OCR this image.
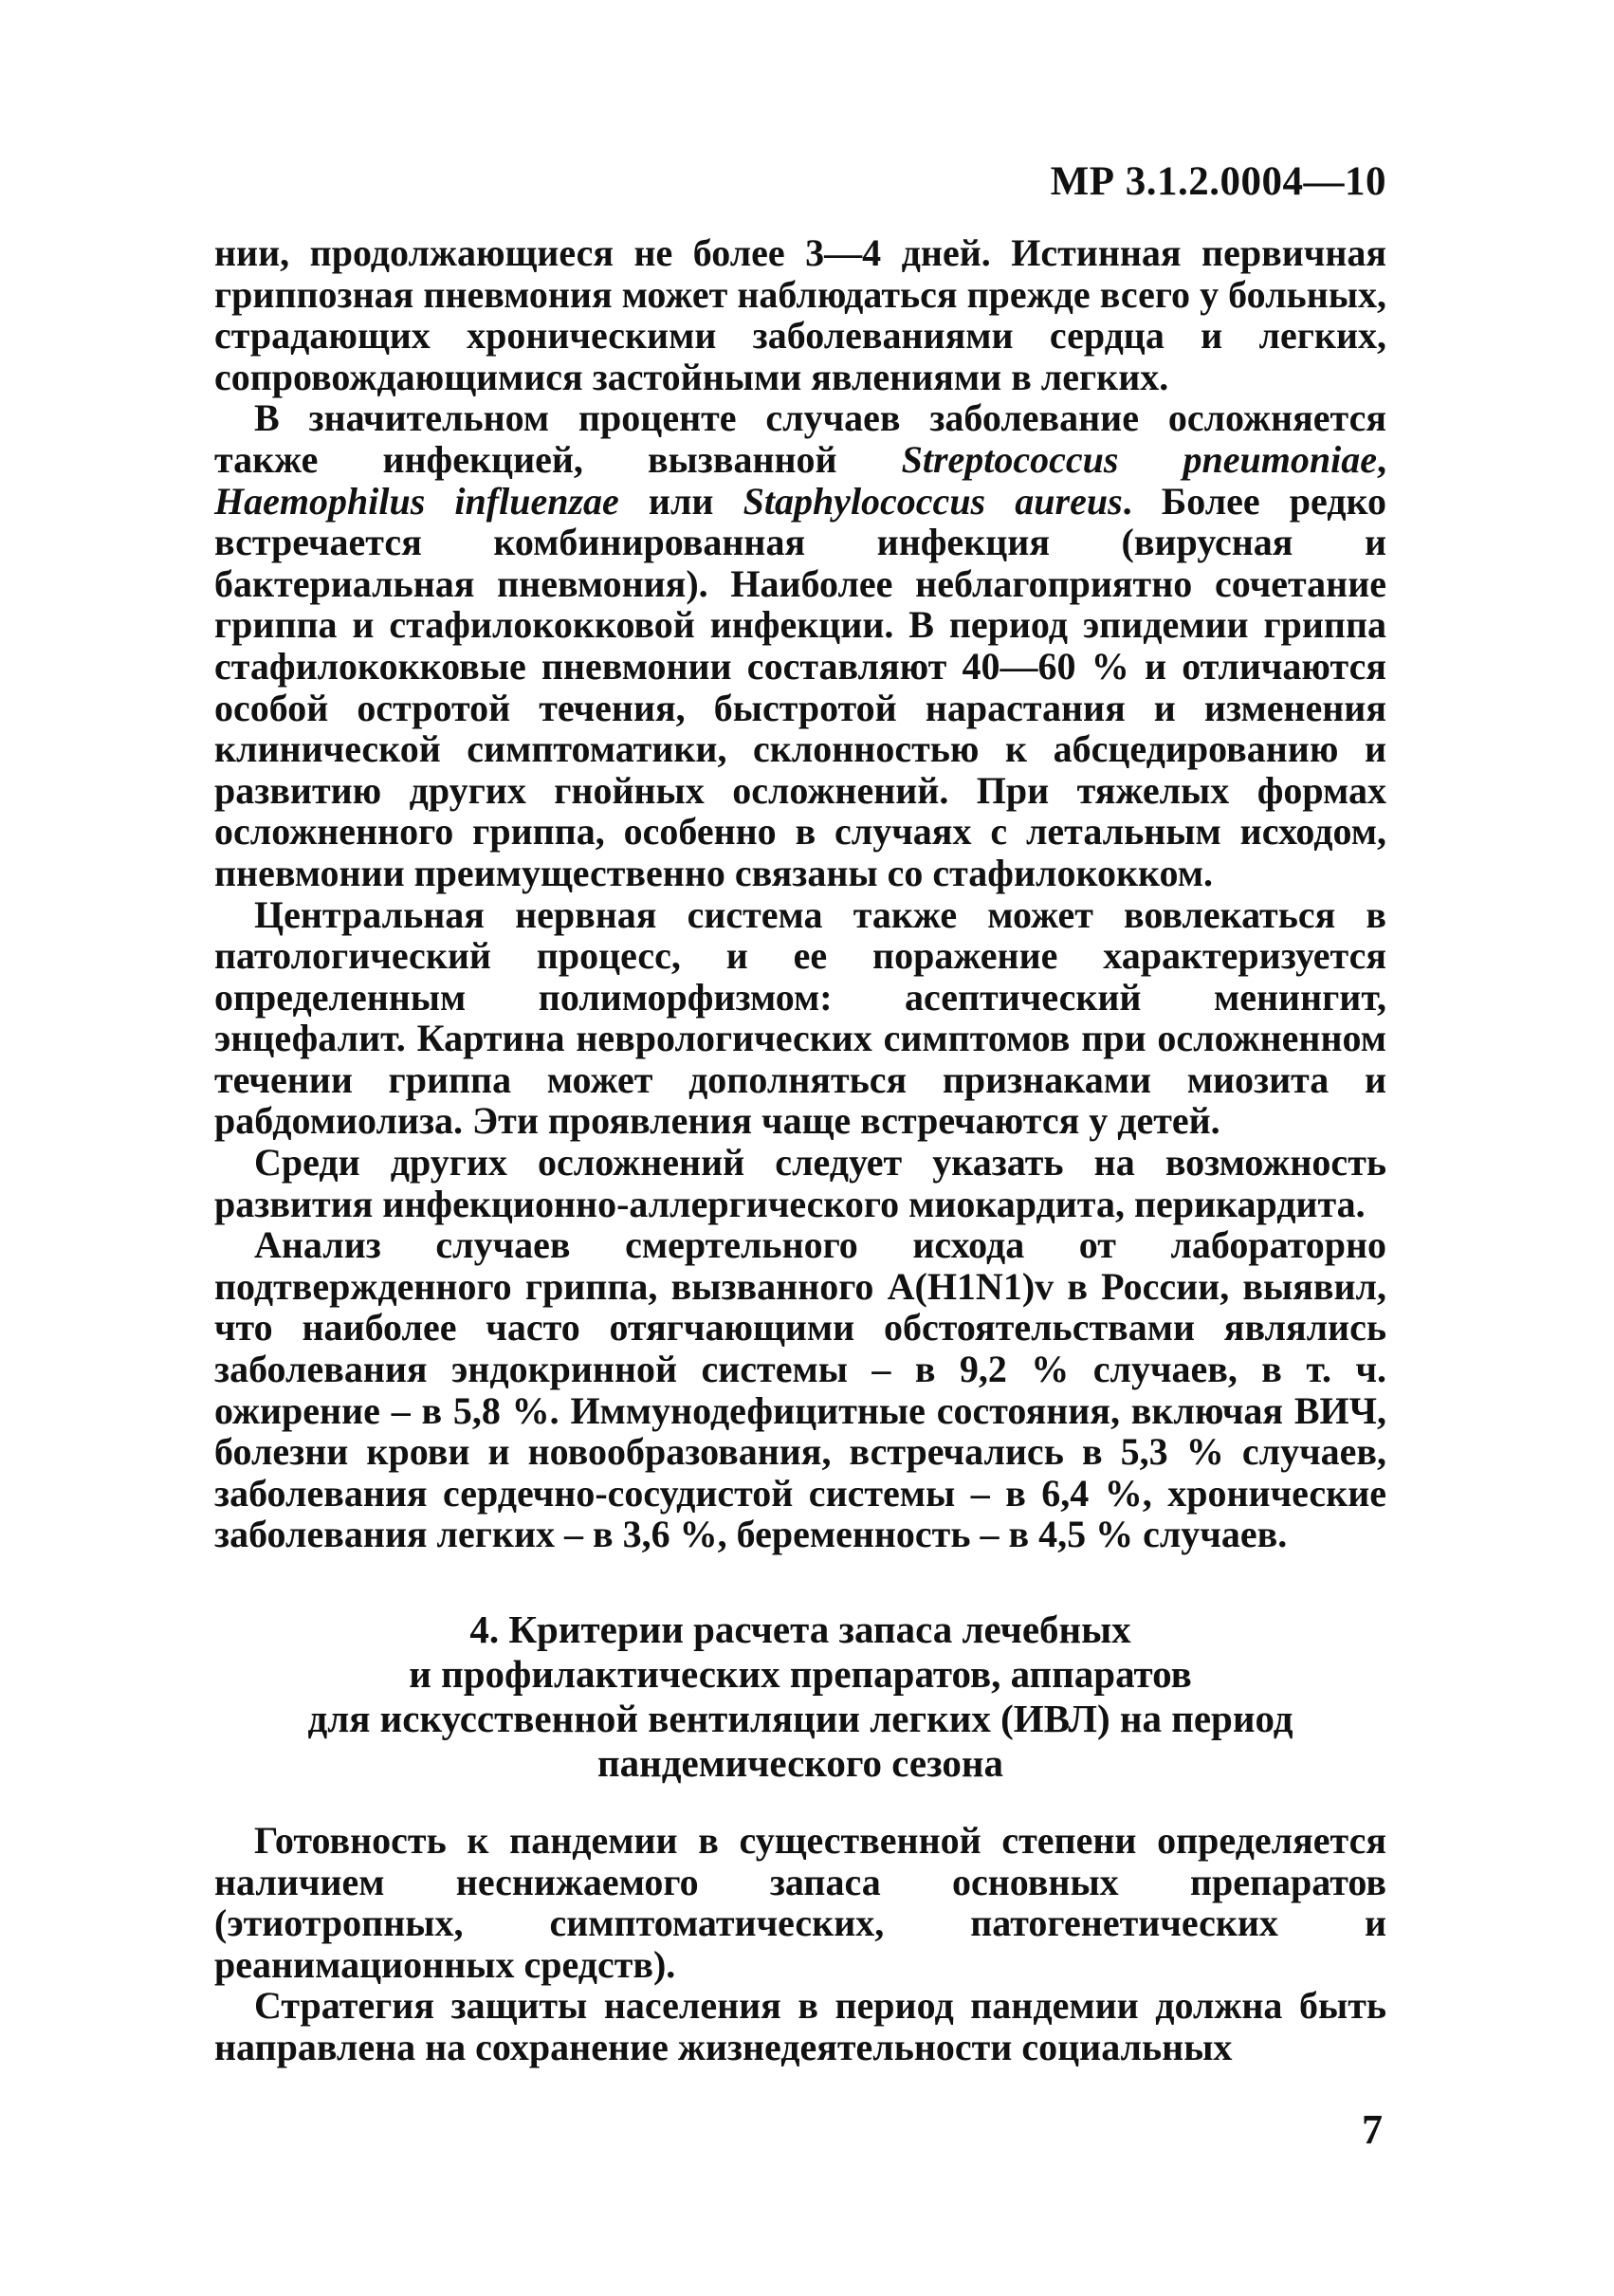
МР 3.1.2.0004—10

нии, продолжающиеся не более 3—4 дней. Истинная первичная гриппозная пневмония может наблюдаться прежде всего у больных, страдающих хроническими заболеваниями сердца и легких, сопровождающимися застойными явлениями в легких.

В значительном проценте случаев заболевание осложняется также инфекцией, вызванной Streptococcus pneumoniae, Haemophilus influenzae или Staphylococcus aureus. Более редко встречается комбинированная инфекция (вирусная и бактериальная пневмония). Наиболее неблагоприятно сочетание гриппа и стафилококковой инфекции. В период эпидемии гриппа стафилококковые пневмонии составляют 40—60 % и отличаются особой остротой течения, быстротой нарастания и изменения клинической симптоматики, склонностью к абсцедированию и развитию других гнойных осложнений. При тяжелых формах осложненного гриппа, особенно в случаях с летальным исходом, пневмонии преимущественно связаны со стафилококком.

Центральная нервная система также может вовлекаться в патологический процесс, и ее поражение характеризуется определенным полиморфизмом: асептический менингит, энцефалит. Картина неврологических симптомов при осложненном течении гриппа может дополняться признаками миозита и рабдомиолиза. Эти проявления чаще встречаются у детей.

Среди других осложнений следует указать на возможность развития инфекционно-аллергического миокардита, перикардита.

Анализ случаев смертельного исхода от лабораторно подтвержденного гриппа, вызванного A(H1N1)v в России, выявил, что наиболее часто отягчающими обстоятельствами являлись заболевания эндокринной системы – в 9,2 % случаев, в т. ч. ожирение – в 5,8 %. Иммунодефицитные состояния, включая ВИЧ, болезни крови и новообразования, встречались в 5,3 % случаев, заболевания сердечно-сосудистой системы – в 6,4 %, хронические заболевания легких – в 3,6 %, беременность – в 4,5 % случаев.

4. Критерии расчета запаса лечебных
и профилактических препаратов, аппаратов
для искусственной вентиляции легких (ИВЛ) на период
пандемического сезона

Готовность к пандемии в существенной степени определяется наличием неснижаемого запаса основных препаратов (этиотропных, симптоматических, патогенетических и реанимационных средств).

Стратегия защиты населения в период пандемии должна быть направлена на сохранение жизнедеятельности социальных

7
